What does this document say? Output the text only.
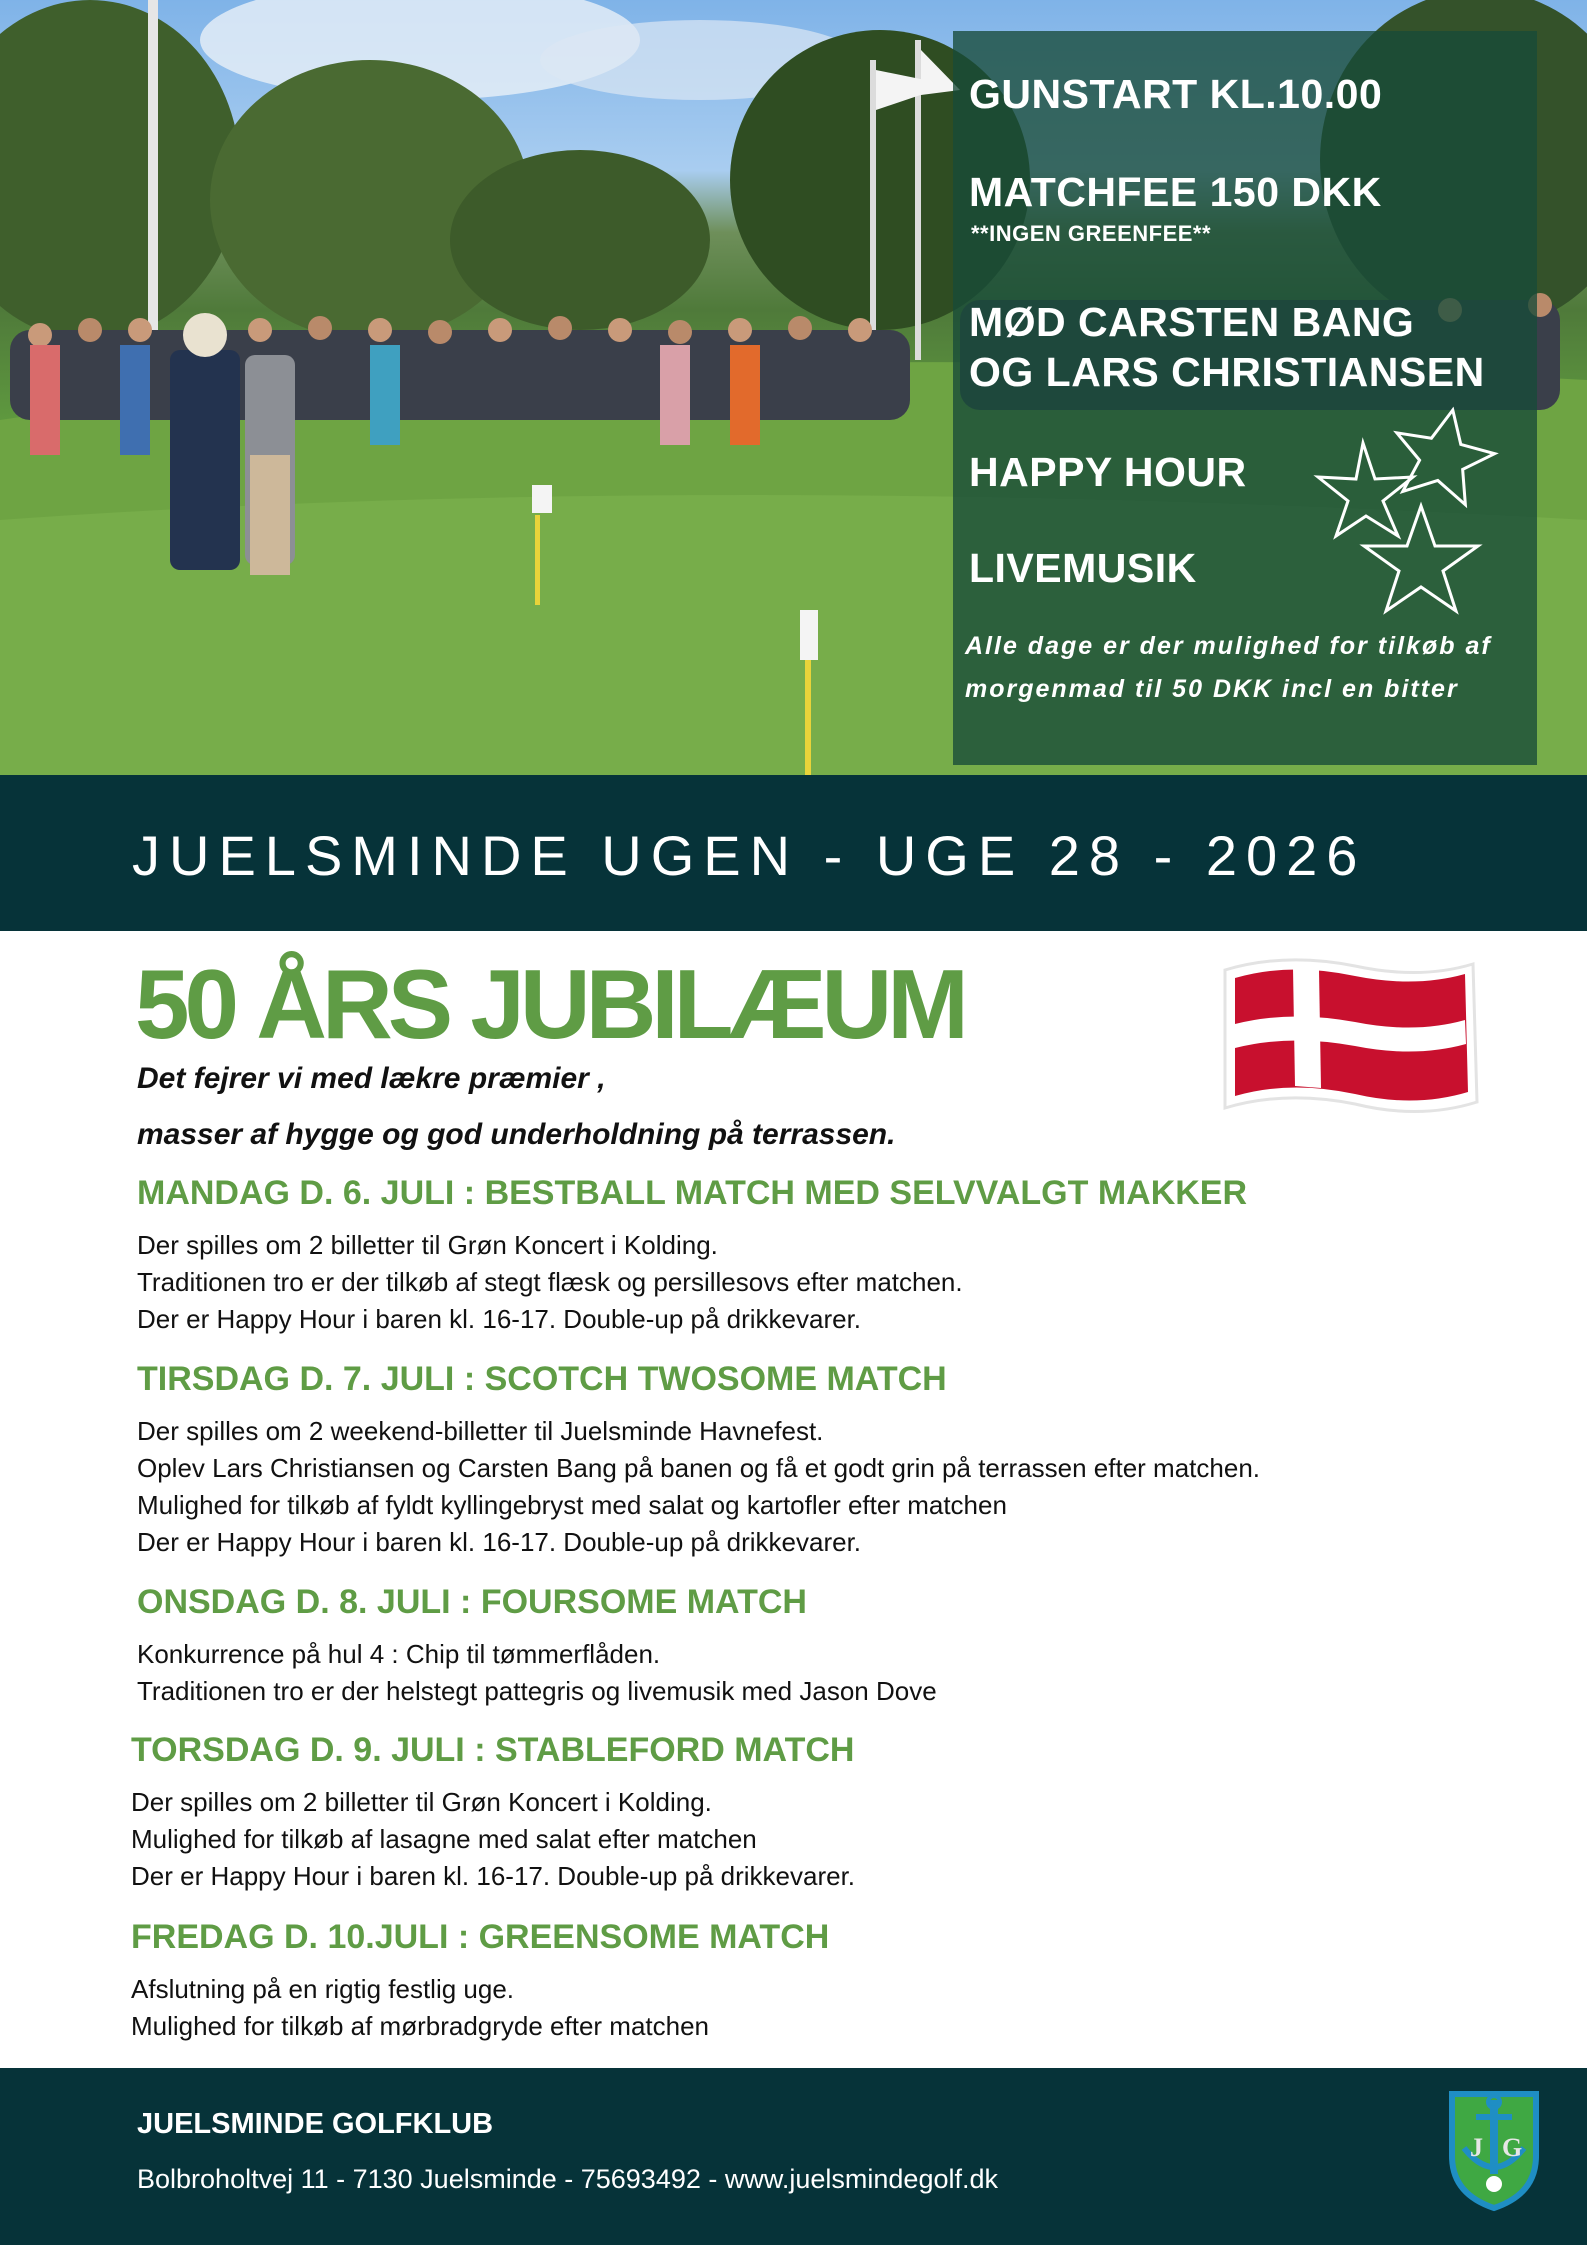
GUNSTART KL.10.00
MATCHFEE 150 DKK
**INGEN GREENFEE**
MØD CARSTEN BANG
OG LARS CHRISTIANSEN
HAPPY HOUR
LIVEMUSIK
Alle dage er der mulighed for tilkøb af morgenmad til 50 DKK incl en bitter
JUELSMINDE UGEN - UGE 28 - 2026
50 ÅRS JUBILÆUM
Det fejrer vi med lækre præmier ,
masser af hygge og god underholdning på terrassen.
MANDAG D. 6. JULI : BESTBALL MATCH MED SELVVALGT MAKKER

Der spilles om 2 billetter til Grøn Koncert i Kolding.

Traditionen tro er der tilkøb af stegt flæsk og persillesovs efter matchen.

Der er Happy Hour i baren kl. 16-17. Double-up på drikkevarer.

TIRSDAG D. 7. JULI : SCOTCH TWOSOME MATCH

Der spilles om 2 weekend-billetter til Juelsminde Havnefest.

Oplev Lars Christiansen og Carsten Bang på banen og få et godt grin på terrassen efter matchen.

Mulighed for tilkøb af fyldt kyllingebryst med salat og kartofler efter matchen

Der er Happy Hour i baren kl. 16-17. Double-up på drikkevarer.

ONSDAG D. 8. JULI : FOURSOME MATCH

Konkurrence på hul 4 : Chip til tømmerflåden.

Traditionen tro er der helstegt pattegris og livemusik med Jason Dove

TORSDAG D. 9. JULI : STABLEFORD MATCH

Der spilles om 2 billetter til Grøn Koncert i Kolding.

Mulighed for tilkøb af lasagne med salat efter matchen

Der er Happy Hour i baren kl. 16-17. Double-up på drikkevarer.

FREDAG D. 10.JULI : GREENSOME MATCH

Afslutning på en rigtig festlig uge.

Mulighed for tilkøb af mørbradgryde efter matchen

JUELSMINDE GOLFKLUB
Bolbroholtvej 11 - 7130 Juelsminde - 75693492 - www.juelsmindegolf.dk
J G
